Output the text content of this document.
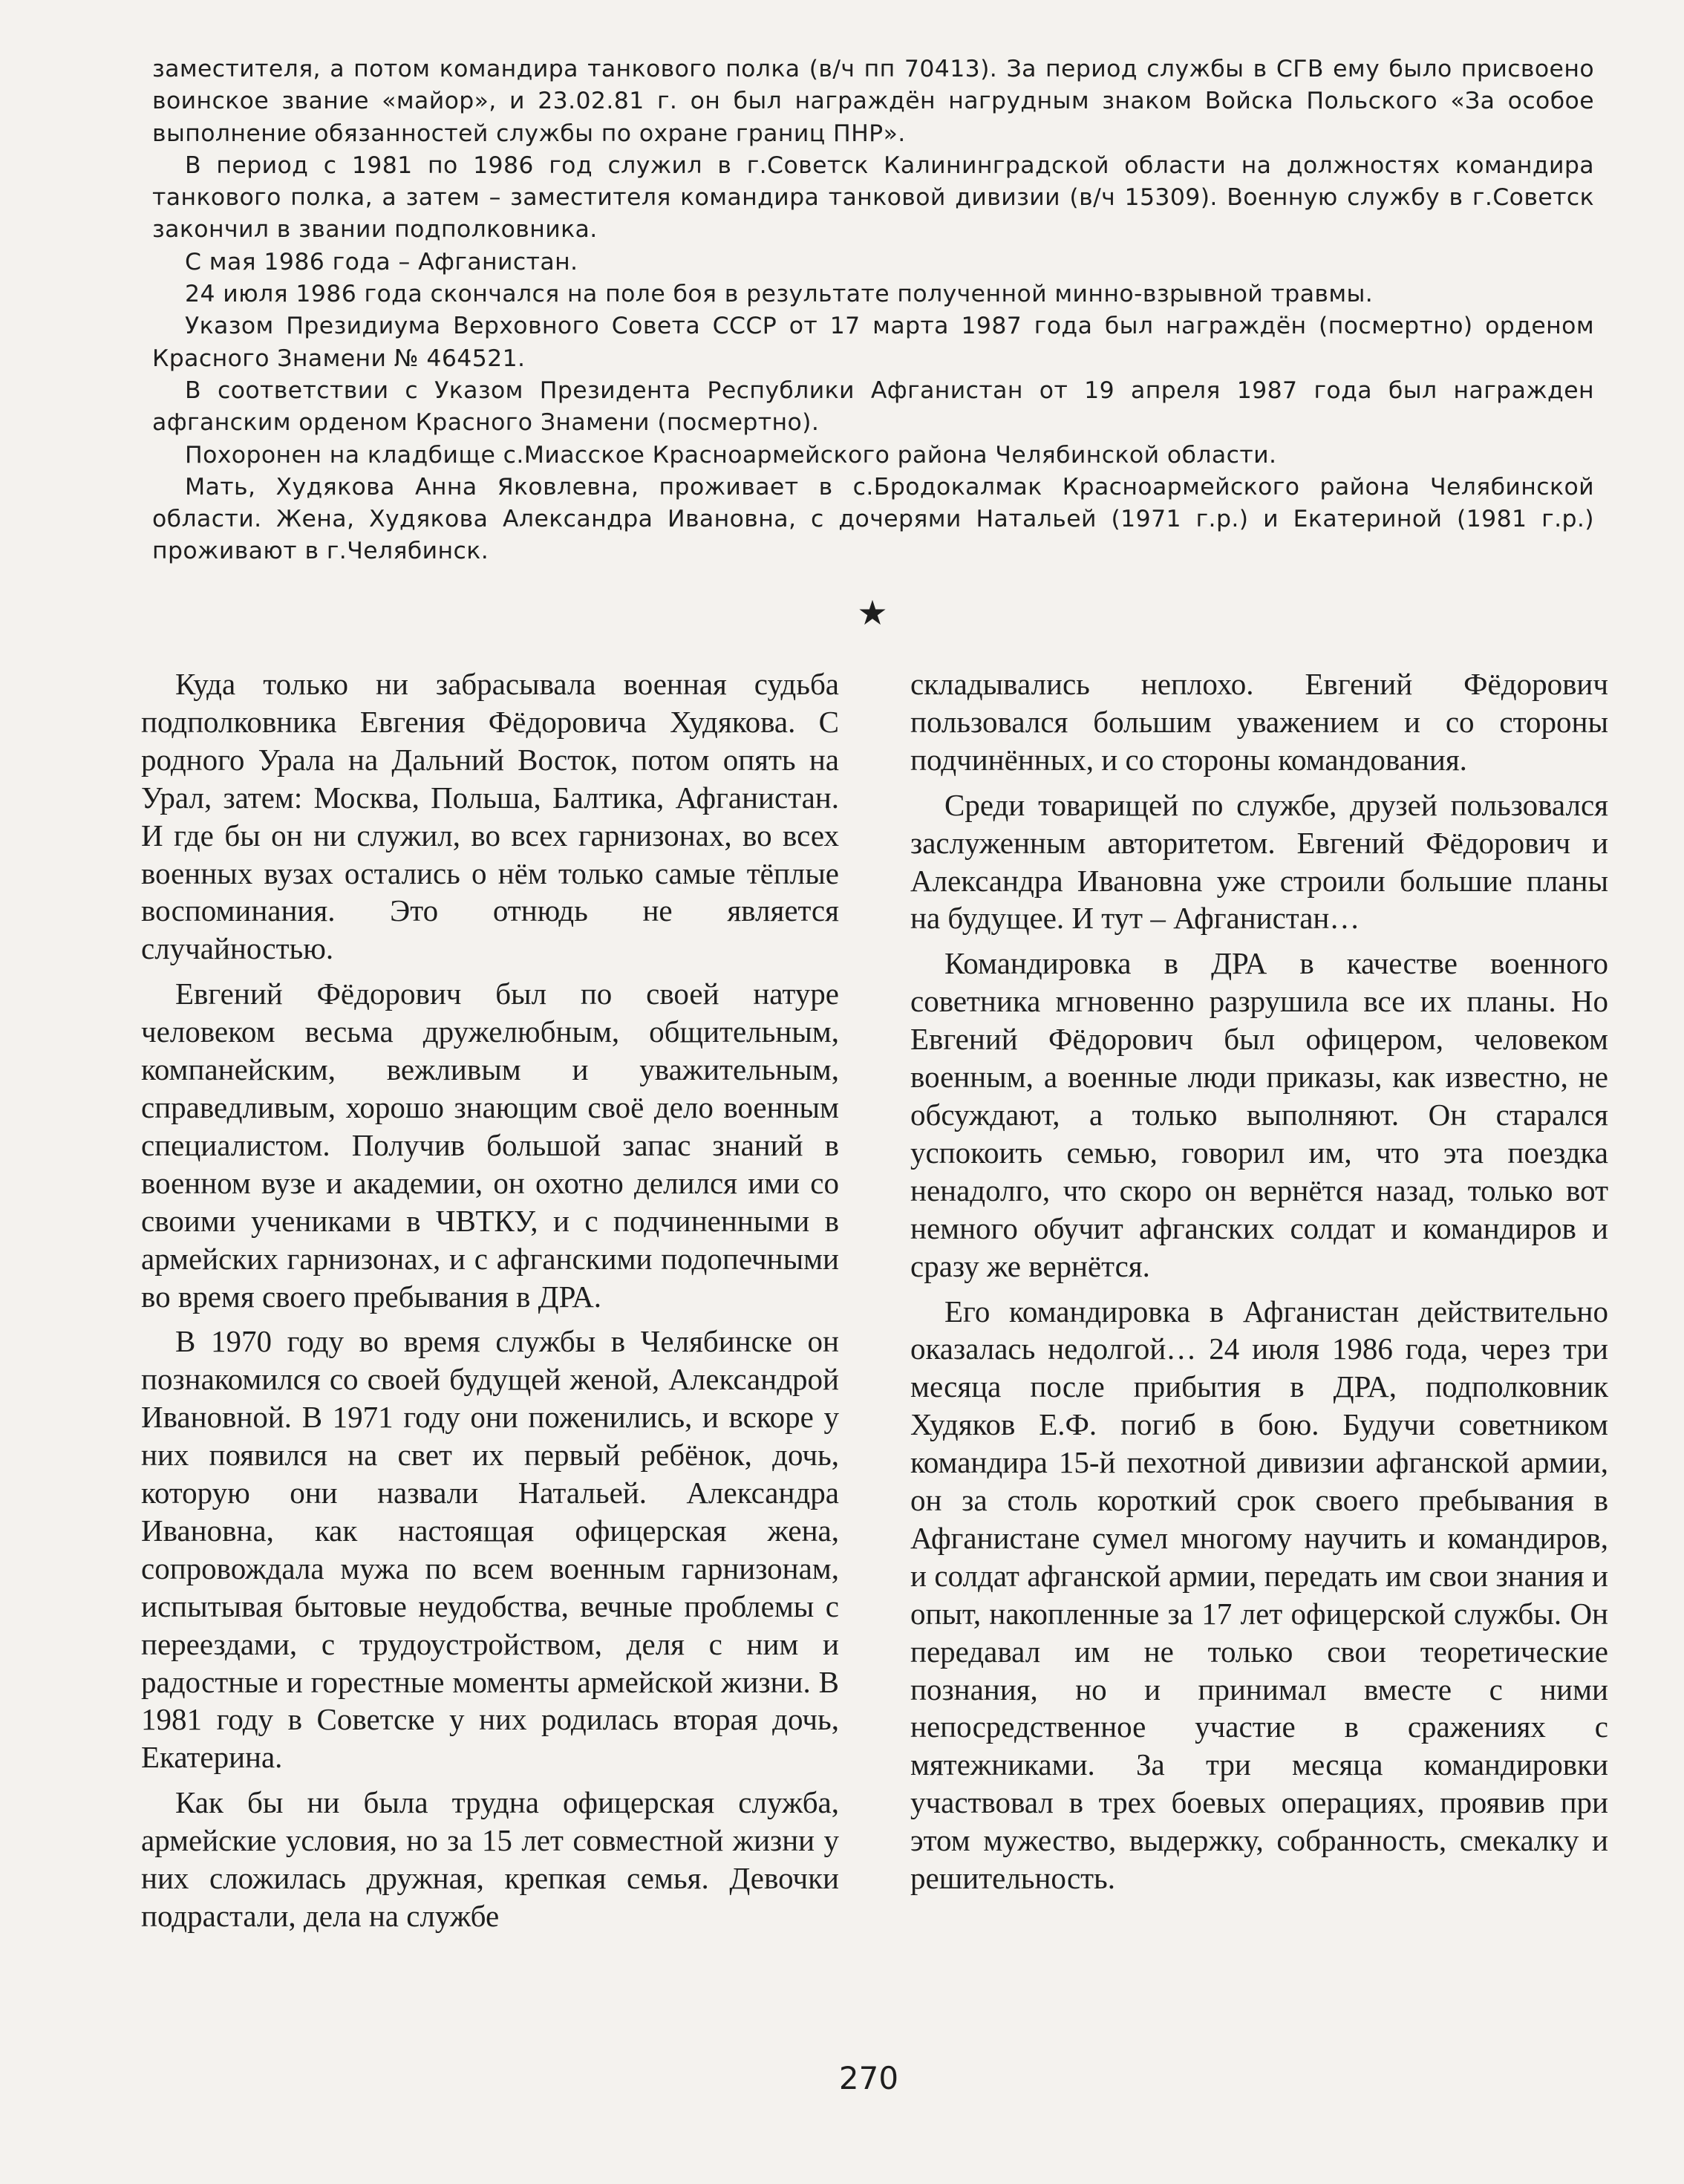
заместителя, а потом командира танкового полка (в/ч пп 70413). За период службы в СГВ ему было присвоено воинское звание «майор», и 23.02.81 г. он был награждён нагрудным знаком Войска Польского «За особое выполнение обязанностей службы по охране границ ПНР».

В период с 1981 по 1986 год служил в г.Советск Калининградской области на должностях командира танкового полка, а затем – заместителя командира танковой дивизии (в/ч 15309). Военную службу в г.Советск закончил в звании подполковника.

С мая 1986 года – Афганистан.

24 июля 1986 года скончался на поле боя в результате полученной минно-взрывной травмы.

Указом Президиума Верховного Совета СССР от 17 марта 1987 года был награждён (посмертно) орденом Красного Знамени № 464521.

В соответствии с Указом Президента Республики Афганистан от 19 апреля 1987 года был награжден афганским орденом Красного Знамени (посмертно).

Похоронен на кладбище с.Миасское Красноармейского района Челябинской области.

Мать, Худякова Анна Яковлевна, проживает в с.Бродокалмак Красноармейского района Челябинской области. Жена, Худякова Александра Ивановна, с дочерями Натальей (1971 г.р.) и Екатериной (1981 г.р.) проживают в г.Челябинск.

★

Куда только ни забрасывала военная судьба подполковника Евгения Фёдоровича Худякова. С родного Урала на Дальний Восток, потом опять на Урал, затем: Москва, Польша, Балтика, Афганистан. И где бы он ни служил, во всех гарнизонах, во всех военных вузах остались о нём только самые тёплые воспоминания. Это отнюдь не является случайностью.

Евгений Фёдорович был по своей натуре человеком весьма дружелюбным, общительным, компанейским, вежливым и уважительным, справедливым, хорошо знающим своё дело военным специалистом. Получив большой запас знаний в военном вузе и академии, он охотно делился ими со своими учениками в ЧВТКУ, и с подчиненными в армейских гарнизонах, и с афганскими подопечными во время своего пребывания в ДРА.

В 1970 году во время службы в Челябинске он познакомился со своей будущей женой, Александрой Ивановной. В 1971 году они поженились, и вскоре у них появился на свет их первый ребёнок, дочь, которую они назвали Натальей. Александра Ивановна, как настоящая офицерская жена, сопровождала мужа по всем военным гарнизонам, испытывая бытовые неудобства, вечные проблемы с переездами, с трудоустройством, деля с ним и радостные и горестные моменты армейской жизни. В 1981 году в Советске у них родилась вторая дочь, Екатерина.

Как бы ни была трудна офицерская служба, армейские условия, но за 15 лет совместной жизни у них сложилась дружная, крепкая семья. Девочки подрастали, дела на службе

складывались неплохо. Евгений Фёдорович пользовался большим уважением и со стороны подчинённых, и со стороны командования.

Среди товарищей по службе, друзей пользовался заслуженным авторитетом. Евгений Фёдорович и Александра Ивановна уже строили большие планы на будущее. И тут – Афганистан…

Командировка в ДРА в качестве военного советника мгновенно разрушила все их планы. Но Евгений Фёдорович был офицером, человеком военным, а военные люди приказы, как известно, не обсуждают, а только выполняют. Он старался успокоить семью, говорил им, что эта поездка ненадолго, что скоро он вернётся назад, только вот немного обучит афганских солдат и командиров и сразу же вернётся.

Его командировка в Афганистан действительно оказалась недолгой… 24 июля 1986 года, через три месяца после прибытия в ДРА, подполковник Худяков Е.Ф. погиб в бою. Будучи советником командира 15-й пехотной дивизии афганской армии, он за столь короткий срок своего пребывания в Афганистане сумел многому научить и командиров, и солдат афганской армии, передать им свои знания и опыт, накопленные за 17 лет офицерской службы. Он передавал им не только свои теоретические познания, но и принимал вместе с ними непосредственное участие в сражениях с мятежниками. За три месяца командировки участвовал в трех боевых операциях, проявив при этом мужество, выдержку, собранность, смекалку и решительность.

270
